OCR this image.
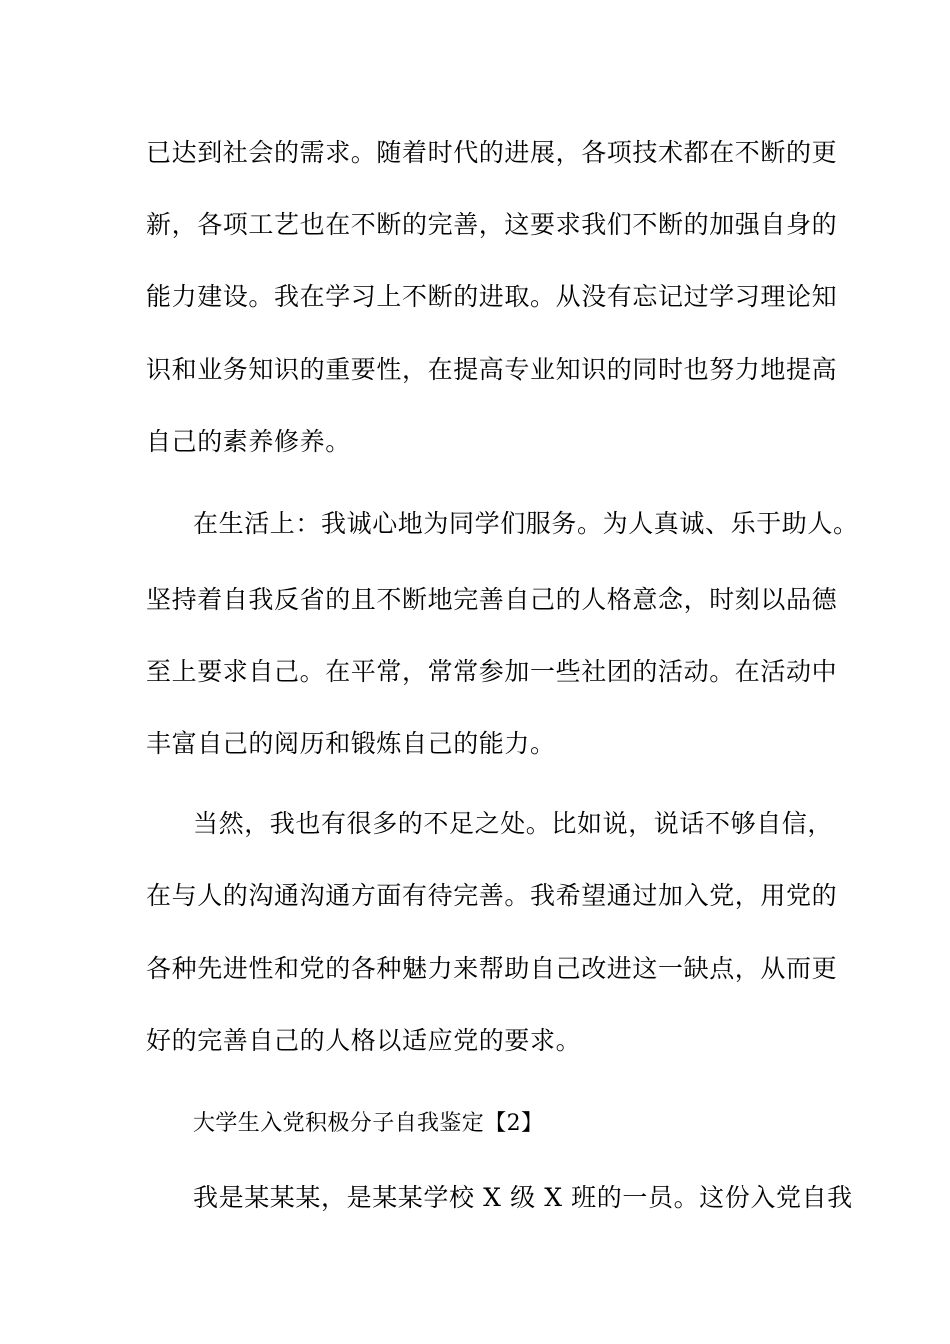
已达到社会的需求。随着时代的进展，各项技术都在不断的更

新，各项工艺也在不断的完善，这要求我们不断的加强自身的

能力建设。我在学习上不断的进取。从没有忘记过学习理论知

识和业务知识的重要性，在提高专业知识的同时也努力地提高

自己的素养修养。

在生活上：我诚心地为同学们服务。为人真诚、乐于助人。

坚持着自我反省的且不断地完善自己的人格意念，时刻以品德

至上要求自己。在平常，常常参加一些社团的活动。在活动中

丰富自己的阅历和锻炼自己的能力。

当然，我也有很多的不足之处。比如说，说话不够自信，

在与人的沟通沟通方面有待完善。我希望通过加入党，用党的

各种先进性和党的各种魅力来帮助自己改进这一缺点，从而更

好的完善自己的人格以适应党的要求。

大学生入党积极分子自我鉴定【2】

我是某某某，是某某学校 X 级 X 班的一员。这份入党自我
